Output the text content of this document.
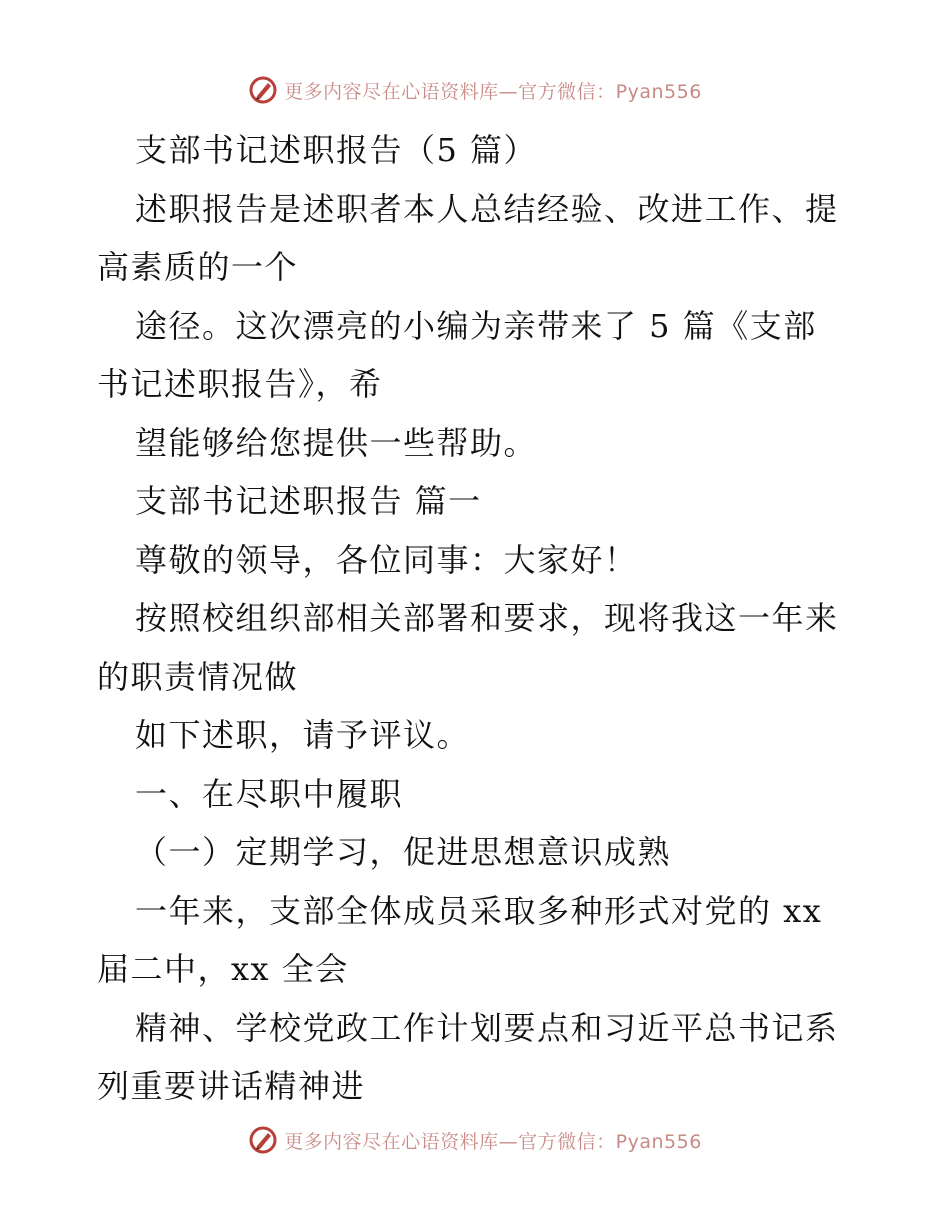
更多内容尽在心语资料库—官方微信：Pyan556
支部书记述职报告（5 篇）
述职报告是述职者本人总结经验、改进工作、提
高素质的一个
途径。这次漂亮的小编为亲带来了 5 篇《支部
书记述职报告》，希
望能够给您提供一些帮助。
支部书记述职报告 篇一
尊敬的领导，各位同事：大家好！
按照校组织部相关部署和要求，现将我这一年来
的职责情况做
如下述职，请予评议。
一、在尽职中履职
（一）定期学习，促进思想意识成熟
一年来，支部全体成员采取多种形式对党的 xx
届二中，xx 全会
精神、学校党政工作计划要点和习近平总书记系
列重要讲话精神进
更多内容尽在心语资料库—官方微信：Pyan556
